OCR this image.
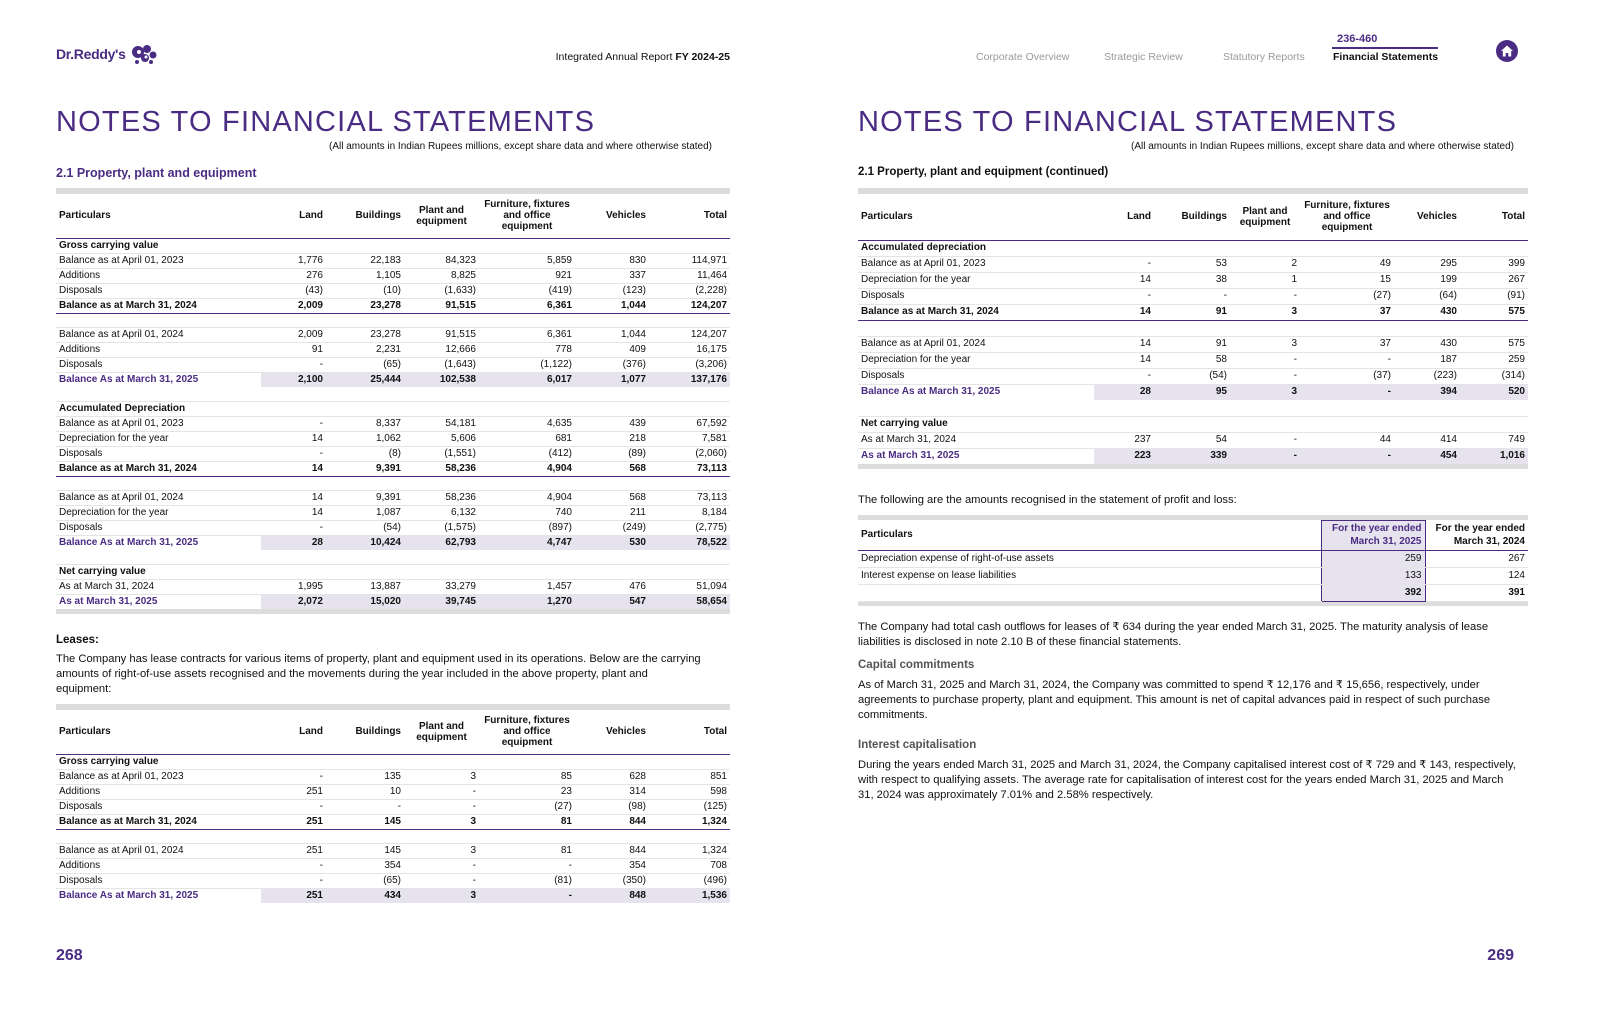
Dr.Reddy's	Integrated Annual Report FY 2024-25
NOTES TO FINANCIAL STATEMENTS
(All amounts in Indian Rupees millions, except share data and where otherwise stated)
2.1 Property, plant and equipment

Particulars	Land	Buildings	Plant and equipment	Furniture, fixtures and office equipment	Vehicles	Total
Gross carrying value						
Balance as at April 01, 2023	1,776	22,183	84,323	5,859	830	114,971
Additions	276	1,105	8,825	921	337	11,464
Disposals	(43)	(10)	(1,633)	(419)	(123)	(2,228)
Balance as at March 31, 2024	2,009	23,278	91,515	6,361	1,044	124,207

Balance as at April 01, 2024	2,009	23,278	91,515	6,361	1,044	124,207
Additions	91	2,231	12,666	778	409	16,175
Disposals	-	(65)	(1,643)	(1,122)	(376)	(3,206)
Balance As at March 31, 2025	2,100	25,444	102,538	6,017	1,077	137,176

Accumulated Depreciation						
Balance as at April 01, 2023	-	8,337	54,181	4,635	439	67,592
Depreciation for the year	14	1,062	5,606	681	218	7,581
Disposals	-	(8)	(1,551)	(412)	(89)	(2,060)
Balance as at March 31, 2024	14	9,391	58,236	4,904	568	73,113

Balance as at April 01, 2024	14	9,391	58,236	4,904	568	73,113
Depreciation for the year	14	1,087	6,132	740	211	8,184
Disposals	-	(54)	(1,575)	(897)	(249)	(2,775)
Balance As at March 31, 2025	28	10,424	62,793	4,747	530	78,522

Net carrying value						
As at March 31, 2024	1,995	13,887	33,279	1,457	476	51,094
As at March 31, 2025	2,072	15,020	39,745	1,270	547	58,654

Leases:
The Company has lease contracts for various items of property, plant and equipment used in its operations. Below are the carrying amounts of right-of-use assets recognised and the movements during the year included in the above property, plant and equipment:

Particulars	Land	Buildings	Plant and equipment	Furniture, fixtures and office equipment	Vehicles	Total
Gross carrying value						
Balance as at April 01, 2023	-	135	3	85	628	851
Additions	251	10	-	23	314	598
Disposals	-	-	-	(27)	(98)	(125)
Balance as at March 31, 2024	251	145	3	81	844	1,324

Balance as at April 01, 2024	251	145	3	81	844	1,324
Additions	-	354	-	-	354	708
Disposals	-	(65)	-	(81)	(350)	(496)
Balance As at March 31, 2025	251	434	3	-	848	1,536
268
Corporate Overview	Strategic Review	Statutory Reports
236-460
Financial Statements
NOTES TO FINANCIAL STATEMENTS
(All amounts in Indian Rupees millions, except share data and where otherwise stated)
2.1 Property, plant and equipment (continued)

Particulars	Land	Buildings	Plant and equipment	Furniture, fixtures and office equipment	Vehicles	Total
Accumulated depreciation						
Balance as at April 01, 2023	-	53	2	49	295	399
Depreciation for the year	14	38	1	15	199	267
Disposals	-	-	-	(27)	(64)	(91)
Balance as at March 31, 2024	14	91	3	37	430	575

Balance as at April 01, 2024	14	91	3	37	430	575
Depreciation for the year	14	58	-	-	187	259
Disposals	-	(54)	-	(37)	(223)	(314)
Balance As at March 31, 2025	28	95	3	-	394	520

Net carrying value						
As at March 31, 2024	237	54	-	44	414	749
As at March 31, 2025	223	339	-	-	454	1,016

The following are the amounts recognised in the statement of profit and loss:

Particulars	For the year ended March 31, 2025	For the year ended March 31, 2024
Depreciation expense of right-of-use assets	259	267
Interest expense on lease liabilities	133	124
	392	391

The Company had total cash outflows for leases of ₹ 634 during the year ended March 31, 2025. The maturity analysis of lease liabilities is disclosed in note 2.10 B of these financial statements.
Capital commitments
As of March 31, 2025 and March 31, 2024, the Company was committed to spend ₹ 12,176 and ₹ 15,656, respectively, under agreements to purchase property, plant and equipment. This amount is net of capital advances paid in respect of such purchase commitments.
Interest capitalisation
During the years ended March 31, 2025 and March 31, 2024, the Company capitalised interest cost of ₹ 729 and ₹ 143, respectively, with respect to qualifying assets. The average rate for capitalisation of interest cost for the years ended March 31, 2025 and March 31, 2024 was approximately 7.01% and 2.58% respectively.
269
